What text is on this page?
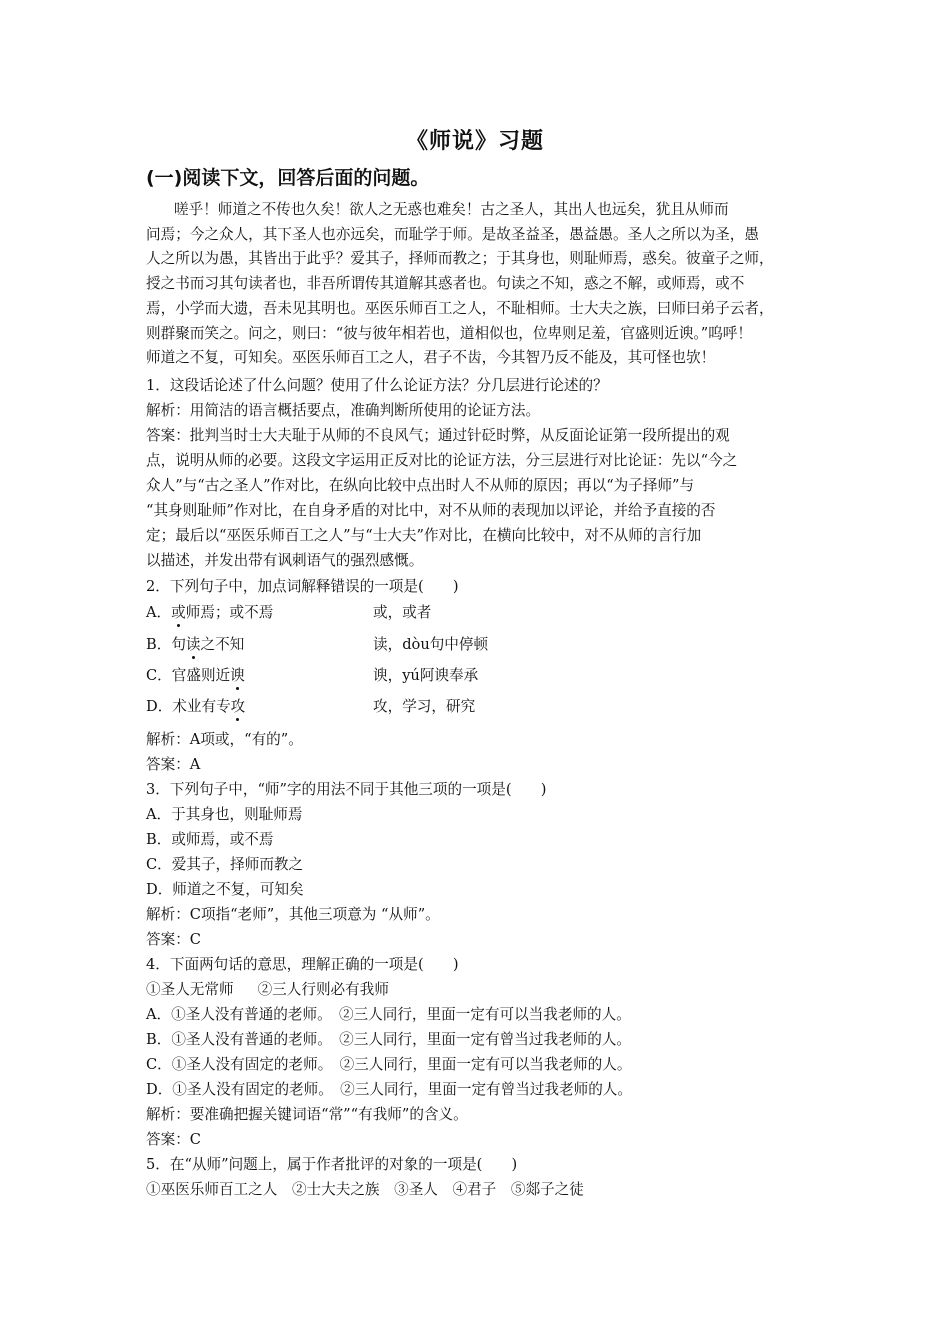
《师说》习题
(一)阅读下文，回答后面的问题。

嗟乎！师道之不传也久矣！欲人之无惑也难矣！古之圣人，其出人也远矣，犹且从师而

问焉；今之众人，其下圣人也亦远矣，而耻学于师。是故圣益圣，愚益愚。圣人之所以为圣，愚

人之所以为愚，其皆出于此乎？爱其子，择师而教之；于其身也，则耻师焉，惑矣。彼童子之师，

授之书而习其句读者也，非吾所谓传其道解其惑者也。句读之不知，惑之不解，或师焉，或不

焉，小学而大遗，吾未见其明也。巫医乐师百工之人，不耻相师。士大夫之族，曰师曰弟子云者，

则群聚而笑之。问之，则曰：“彼与彼年相若也，道相似也，位卑则足羞，官盛则近谀。”呜呼！

师道之不复，可知矣。巫医乐师百工之人，君子不齿，今其智乃反不能及，其可怪也欤！

1．这段话论述了什么问题？使用了什么论证方法？分几层进行论述的？
解析：用简洁的语言概括要点，准确判断所使用的论证方法。
答案：批判当时士大夫耻于从师的不良风气；通过针砭时弊，从反面论证第一段所提出的观
点，说明从师的必要。这段文字运用正反对比的论证方法，分三层进行对比论证：先以“今之
众人”与“古之圣人”作对比，在纵向比较中点出时人不从师的原因；再以“为子择师”与
“其身则耻师”作对比，在自身矛盾的对比中，对不从师的表现加以评论，并给予直接的否
定；最后以“巫医乐师百工之人”与“士大夫”作对比，在横向比较中，对不从师的言行加
以描述，并发出带有讽刺语气的强烈感慨。
2．下列句子中，加点词解释错误的一项是(　　)
A．或师焉；或不焉	或，或者
B．句读之不知	读，dòu句中停顿
C．官盛则近谀	谀，yú阿谀奉承
D．术业有专攻	攻，学习，研究
解析：A项或，“有的”。
答案：A
3．下列句子中，“师”字的用法不同于其他三项的一项是(　　)
A．于其身也，则耻师焉
B．或师焉，或不焉
C．爱其子，择师而教之
D．师道之不复，可知矣
解析：C项指“老师”，其他三项意为 “从师”。
答案：C
4．下面两句话的意思，理解正确的一项是(　　)
①圣人无常师 ②三人行则必有我师
A．①圣人没有普通的老师。　②三人同行，里面一定有可以当我老师的人。
B．①圣人没有普通的老师。　②三人同行，里面一定有曾当过我老师的人。
C．①圣人没有固定的老师。　②三人同行，里面一定有可以当我老师的人。
D．①圣人没有固定的老师。　②三人同行，里面一定有曾当过我老师的人。
解析：要准确把握关键词语“常”“有我师”的含义。
答案：C
5．在“从师”问题上，属于作者批评的对象的一项是(　　)
①巫医乐师百工之人　②士大夫之族　③圣人　④君子　⑤郯子之徒
